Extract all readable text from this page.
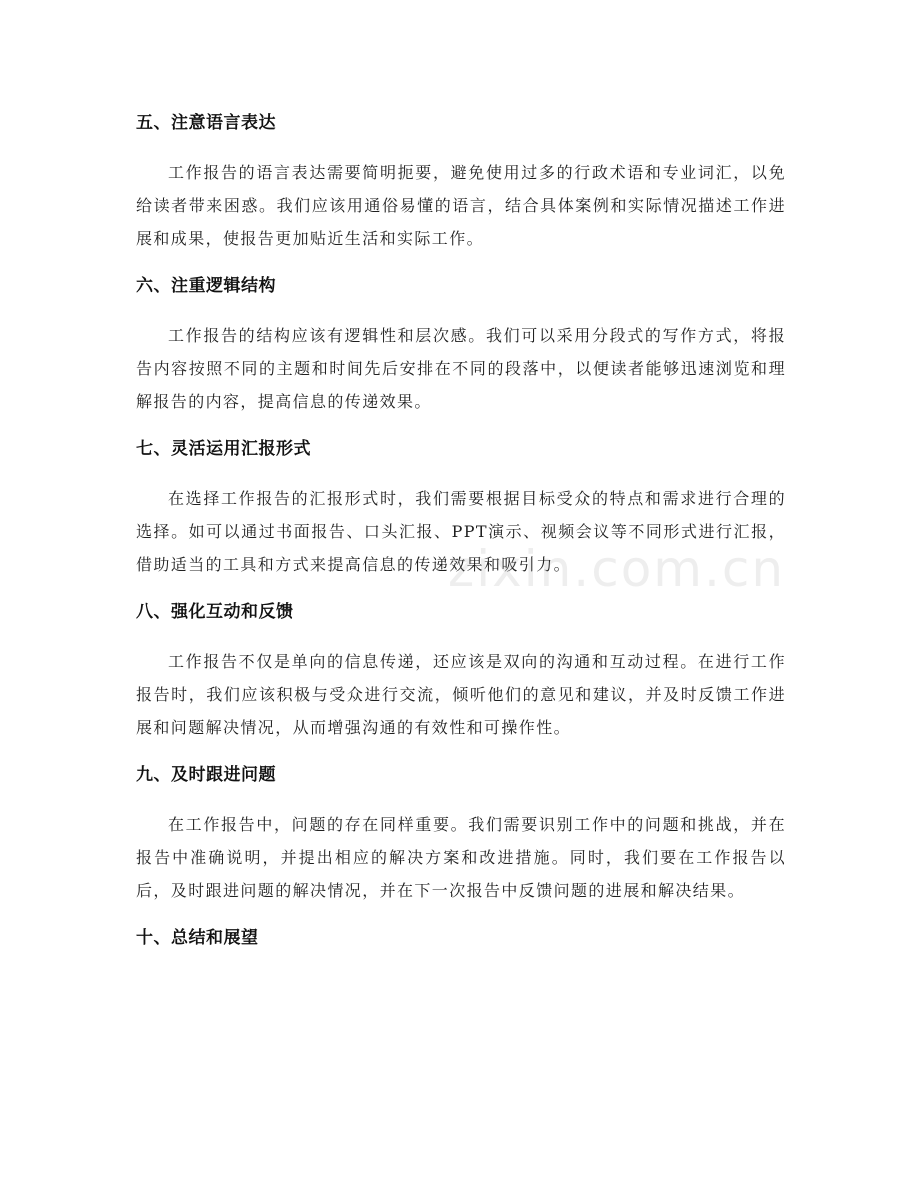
五、注意语言表达

工作报告的语言表达需要简明扼要，避免使用过多的行政术语和专业词汇，以免给读者带来困惑。我们应该用通俗易懂的语言，结合具体案例和实际情况描述工作进展和成果，使报告更加贴近生活和实际工作。

六、注重逻辑结构

工作报告的结构应该有逻辑性和层次感。我们可以采用分段式的写作方式，将报告内容按照不同的主题和时间先后安排在不同的段落中，以便读者能够迅速浏览和理解报告的内容，提高信息的传递效果。

七、灵活运用汇报形式

在选择工作报告的汇报形式时，我们需要根据目标受众的特点和需求进行合理的选择。如可以通过书面报告、口头汇报、PPT演示、视频会议等不同形式进行汇报，借助适当的工具和方式来提高信息的传递效果和吸引力。

八、强化互动和反馈

工作报告不仅是单向的信息传递，还应该是双向的沟通和互动过程。在进行工作报告时，我们应该积极与受众进行交流，倾听他们的意见和建议，并及时反馈工作进展和问题解决情况，从而增强沟通的有效性和可操作性。

九、及时跟进问题

在工作报告中，问题的存在同样重要。我们需要识别工作中的问题和挑战，并在报告中准确说明，并提出相应的解决方案和改进措施。同时，我们要在工作报告以后，及时跟进问题的解决情况，并在下一次报告中反馈问题的进展和解决结果。

十、总结和展望
zixin.com.cn
